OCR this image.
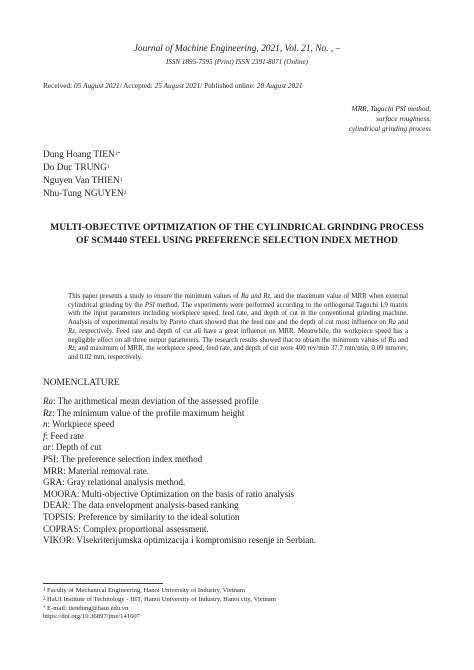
Journal of Machine Engineering, 2021, Vol. 21, No. , –
ISSN 1895-7595 (Print) ISSN 2391-8071 (Online)
Received: 05 August 2021/ Accepted: 25 August 2021/ Published online: 28 August 2021
MRR, Taguchi PSI method,
surface roughness,
cylindrical grinding process
Dung Hoang $TIEN^{1*}$
Do Duc TRUNG$^1$
Nguyen Van THIEN$^1$
Nhu-Tung NGUYEN$^2$
MULTI-OBJECTIVE OPTIMIZATION OF THE CYLINDRICAL GRINDING PROCESS OF SCM440 STEEL USING PREFERENCE SELECTION INDEX METHOD
This paper presents a study to ensure the minimum values of Ra and Rz, and the maximum value of MRR when external cylindrical grinding by the PSI method. The experiments were performed according to the orthogonal Taguchi L9 matrix with the input parameters including workpiece speed, feed rate, and depth of cut in the conventional grinding machine. Analysis of experimental results by Pareto chart showed that the feed rate and the depth of cut most influence on Ra and Rz, respectively. Feed rate and depth of cut all have a great influence on MRR. Meanwhile, the workpiece speed has a negligible effect on all three output parameters. The research results showed that to obtain the minimum values of Ra and Rz, and maximum of MRR, the workpiece speed, feed rate, and depth of cut were 400 rev/min 37.7 mm/min, 0.09 mm/rev, and 0.02 mm, respectively.
NOMENCLATURE
Ra: The arithmetical mean deviation of the assessed profile
Rz: The minimum value of the profile maximum height
n: Workpiece speed
f: Feed rate
ar: Depth of cut
PSI: The preference selection index method
MRR: Material removal rate.
GRA: Gray relational analysis method.
MOORA: Multi-objective Optimization on the basis of ratio analysis
DEAR: The data envelopment analysis-based ranking
TOPSIS: Preference by similarity to the ideal solution
COPRAS: Complex proportional assessment.
VIKOR: Vlsekriterijumska optimizacija i kompromisno resenje in Serbian.
$^1$ Faculty of Mechanical Engineering, Hanoi University of Industry, Vietnam
$^2$ HaUI Institute of Technology - HIT, Hanoi University of Industry, Hanoi city, Vietnam
* E-mail: tiendung@haui.edu.vn
https://doi.org/10.36897/jme/141607
